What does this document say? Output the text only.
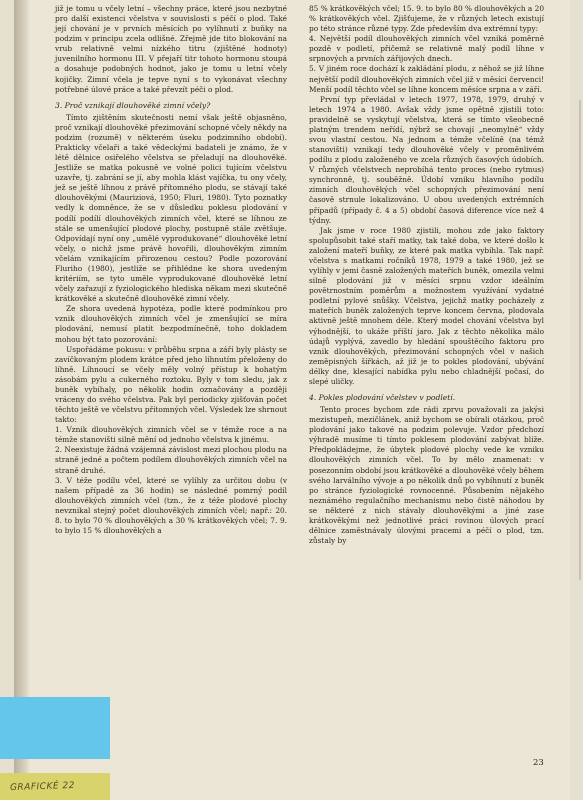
již je tomu u včely letní – všechny práce, které jsou nezbytné pro další existenci včelstva v souvislosti s péčí o plod. Také její chování je v prvních měsících po vylíhnutí z buňky na podzim v principu zcela odlišné. Zřejmě jde tito blokování na vrub relativně velmi nízkého titru (zjištěné hodnoty) juvenilního hormonu III. V přejaří titr tohoto hormonu stoupá a dosahuje podobných hodnot, jako je tomu u letní včely kojičky. Zimní včela je tepve nyní s to vykonávat všechny potřebné úlové práce a také převzít péči o plod.

3. Proč vznikají dlouhověké zimní včely?

Tímto zjištěním skutečnosti nemí však ještě objasněno, proč vznikají dlouhověké přezimování schopné včely někdy na podzim (rozumě) v některém úseku podzimního období). Prakticky včelaři a také vědeckými badateli je známo, že v létě dělnice osiřelého včelstva se přeladují na dlouhověké. Jestliže se matka pokusně ve volné polici tujícím včelstvu uzavře, tj. zabrání se jí, aby mohla klást vajíčka, tu ony včely, jež se ještě líhnou z právě přítomného plodu, se stávají také dlouhověkými (Mauriziová, 1950; Fluri, 1980). Tyto poznatky vedly k domněnce, že se v důsledku poklesu plodování v podílí podílí dlouhověkých zimních včel, které se líhnou ze stále se umenšující plodové plochy, postupně stále zvětšuje. Odpovídají nyní ony „umělé vyprodukované“ dlouhověké letní včely, o nichž jsme právě hovořili, dlouhověkým zimním včelám vznikajícím přirozenou cestou? Podle pozorování Fluriho (1980), jestliže se přihlédne ke shora uvedeným kritériím, se tyto uměle vyprodukované dlouhověké letní včely zařazují z fyziologického hlediska někam mezi skutečně krátkověké a skutečně dlouhověké zimní včely.

Ze shora uvedená hypotéza, podle které podmínkou pro vznik dlouhověkých zimních včel je zmenšující se míra plodování, nemusí platit bezpodmínečně, toho dokladem mohou být tato pozorování:

Uspořádáme pokusu: v průběhu srpna a září byly plásty se zavíčkovaným plodem krátce před jeho líhnutím přeloženy do líhně. Líhnoucí se včely měly volný přístup k bohatým zásobám pylu a cukerného roztoku. Byly v tom sledu, jak z buněk vybíhaly, po několik hodin označovány a později vráceny do svého včelstva. Pak byl periodicky zjišťován počet těchto ještě ve včelstvu přítomných včel. Výsledek lze shrnout takto:

1. Vznik dlouhověkých zimních včel se v témže roce a na témže stanovišti silně mění od jednoho včelstva k jinému.
2. Neexistuje žádná vzájemná závislost mezi plochou plodu na straně jedné a počtem podílem dlouhověkých zimních včel na straně druhé.
3. V téže podílu včel, které se vylíhly za určitou dobu (v našem případě za 36 hodin) se následné pomrný podíl dlouhověkých zimních včel (tzn., že z téže plodové plochy nevznikal stejný počet dlouhověkých zimních včel; např.: 20. 8. to bylo 70 % dlouhověkých a 30 % krátkověkých včel; 7. 9. to bylo 15 % dlouhověkých a

85 % krátkověkých včel; 15. 9. to bylo 80 % dlouhověkých a 20 % krátkověkých včel. Zjišťujeme, že v různých letech existují po této stránce různé typy. Zde především dva extrémní typy:

4. Největší podíl dlouhověkých zimních včel vzniká poměrně pozdě v podletí, přičemž se relativně malý podíl líhne v srpnových a prvních zářijových dnech.

5. V jiném roce dochází k zakládání plodu, z něhož se již líhne největší podíl dlouhověkých zimních včel již v měsíci červenci! Menší podíl těchto včel se líhne koncem měsíce srpna a v září.

První typ převládal v letech 1977, 1978, 1979, druhý v letech 1974 a 1980. Avšak vždy jsme opětně zjistili toto: pravidelně se vyskytují včelstva, která se tímto všeobecně platným trendem neřídí, nýbrž se chovají „neomylně“ vždy svou vlastní cestou. Na jednom a témže včelíně (na témž stanovišti) vznikají tedy dlouhověké včely v proměnlivém podílu z plodu založeného ve zcela různých časových údobích. V různých včelstvech neprobíhá tento proces (nebo rytmus) synchronně, tj. souběžně. Údobí vzniku hlavního podílu zimních dlouhověkých včel schopných přezimování není časově strnule lokalizováno. U obou uvedených extrémních případů (případy č. 4 a 5) období časová diference více než 4 týdny.

Jak jsme v roce 1980 zjistili, mohou zde jako faktory spolupůsobit také staří matky, tak také doba, ve které došlo k založení mateří buňky, ze které pak matka vybíhla. Tak např. včelstva s matkami ročníků 1978, 1979 a také 1980, jež se vylíhly v jemi časně založených mateřích buněk, omezila velmi silně plodování již v měsíci srpnu vzdor ideálním povětrnostním poměrům a možnostem využívání vydatné podletní pylové snůšky. Včelstva, jejichž matky pocházely z mateřích buněk založených teprve koncem června, plodovala aktivně ještě mnohem déle. Který model chování včelstva byl výhodnější, to ukáže příští jaro. Jak z těchto několika málo údajů vyplývá, zavedlo by hledání spouštěcího faktoru pro vznik dlouhověkých, přezimování schopných včel v našich zeměpisných šířkách, až již je to pokles plodování, ubývání délky dne, klesající nabídka pylu nebo chladnější počasí, do slepé uličky.

4. Pokles plodování včelstev v podletí.

Tento proces bychom zde rádi zprvu považovali za jakýsi mezistupeň, mezičlánek, aniž bychom se obírali otázkou, proč plodování jako takové na podzim polevuje. Vzdor předchozí výhradě musíme ti tímto poklesem plodování zabývat blíže. Předpokládejme, že úbytek plodové plochy vede ke vzniku dlouhověkých zimních včel. To by mělo znamenat: v posezonním období jsou krátkověké a dlouhověké včely během svého larválního vývoje a po několik dnů po vybíhnutí z buněk po stránce fyziologické rovnocenné. Působením nějakého neznámého regulačního mechanismu nebo čistě náhodou by se některé z nich stávaly dlouhověkými a jiné zase krátkověkými než jednotlivé práci rovinou úlových prací dělnice zaměstnávaly úlovými pracemi a péčí o plod, tzn. zůstaly by

23
GRAFICKÉ 22
